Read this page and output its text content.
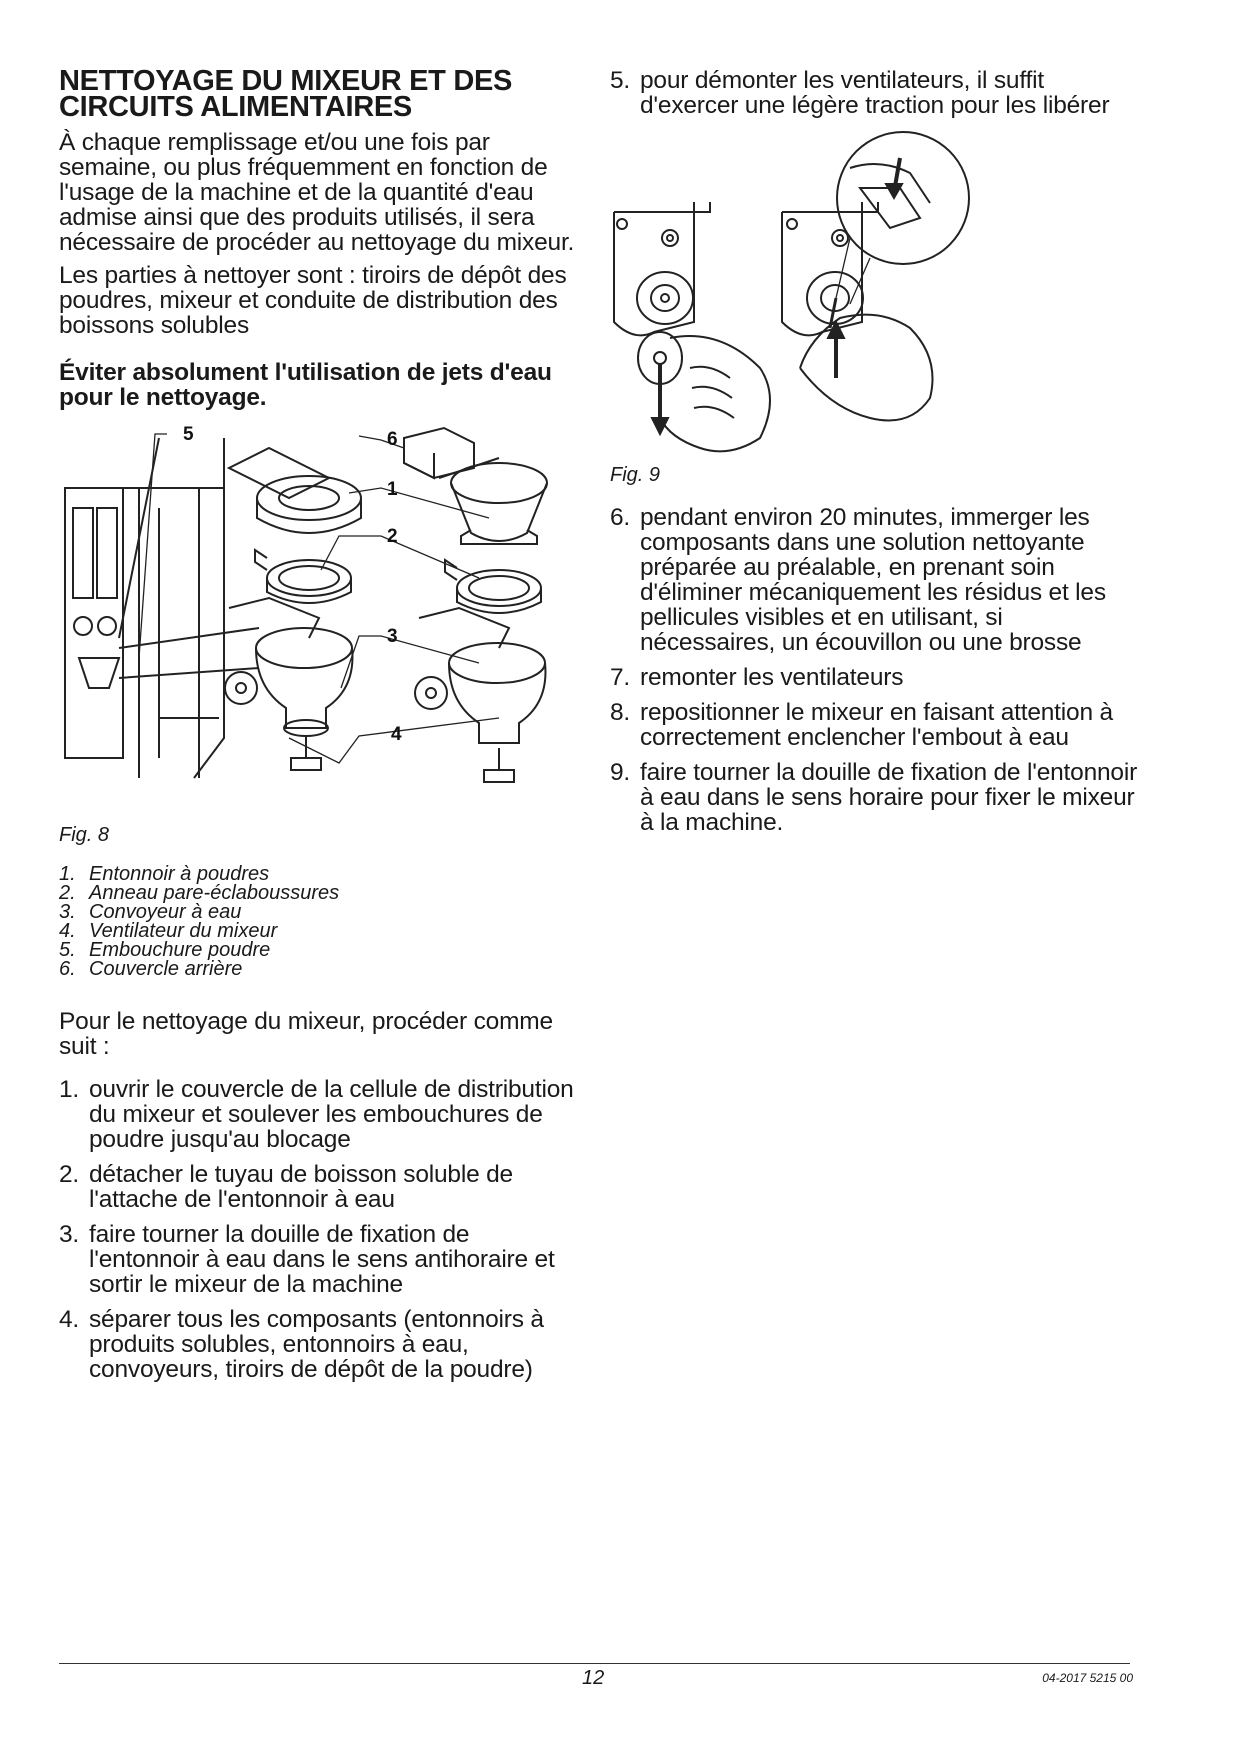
NETTOYAGE DU MIXEUR ET DES CIRCUITS ALIMENTAIRES

À chaque remplissage et/ou une fois par semaine, ou plus fréquemment en fonction de l'usage de la machine et de la quantité d'eau admise ainsi que des produits utilisés, il sera nécessaire de procéder au nettoyage du mixeur.

Les parties à nettoyer sont : tiroirs de dépôt des poudres, mixeur et conduite de distribution des boissons solubles

Éviter absolument l'utilisation de jets d'eau pour le nettoyage.

5	6
1
2
3
4
Fig. 8
1. Entonnoir à poudres
2. Anneau pare-éclaboussures
3. Convoyeur à eau
4. Ventilateur du mixeur
5. Embouchure poudre
6. Couvercle arrière

Pour le nettoyage du mixeur, procéder comme suit :

1. ouvrir le couvercle de la cellule de distribution du mixeur et soulever les embouchures de poudre jusqu'au blocage
2. détacher le tuyau de boisson soluble de l'attache de l'entonnoir à eau
3. faire tourner la douille de fixation de l'entonnoir à eau dans le sens antihoraire et sortir le mixeur de la machine
4. séparer tous les composants (entonnoirs à produits solubles, entonnoirs à eau, convoyeurs, tiroirs de dépôt de la poudre)
5. pour démonter les ventilateurs, il suffit d'exercer une légère traction pour les libérer
Fig. 9
6. pendant environ 20 minutes, immerger les composants dans une solution nettoyante préparée au préalable, en prenant soin d'éliminer mécaniquement les résidus et les pellicules visibles et en utilisant, si nécessaires, un écouvillon ou une brosse
7. remonter les ventilateurs
8. repositionner le mixeur en faisant attention à correctement enclencher l'embout à eau
9. faire tourner la douille de fixation de l'entonnoir à eau dans le sens horaire pour fixer le mixeur à la machine.
12	04-2017 5215 00
